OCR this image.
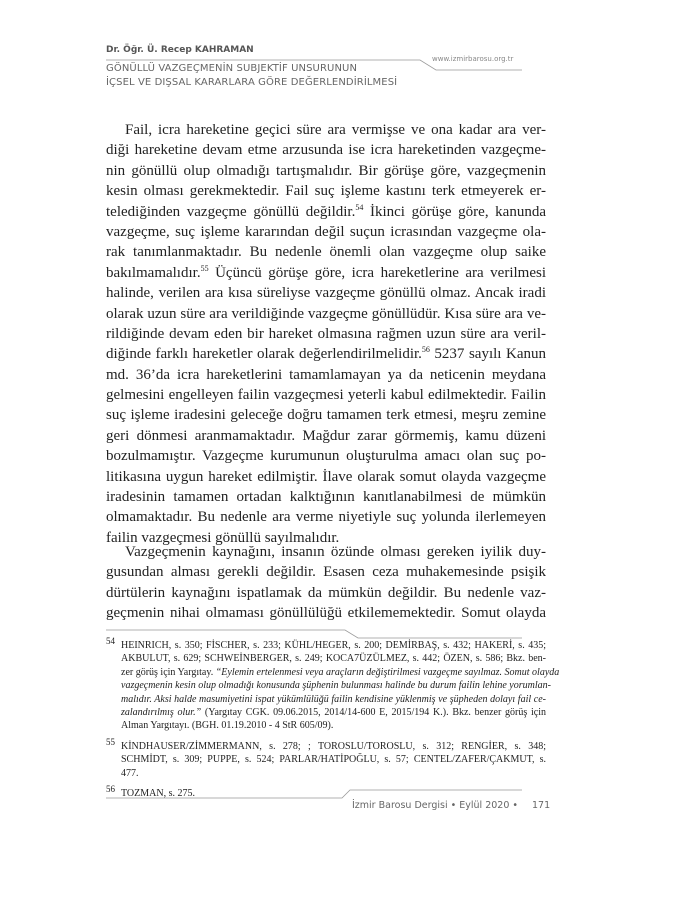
Dr. Öğr. Ü. Recep KAHRAMAN
GÖNÜLLÜ VAZGEÇMENİN SUBJEKTİF UNSURUNUN
İÇSEL VE DIŞSAL KARARLARA GÖRE DEĞERLENDİRİLMESİ
www.izmirbarosu.org.tr
Fail, icra hareketine geçici süre ara vermişse ve ona kadar ara ver-
diği hareketine devam etme arzusunda ise icra hareketinden vazgeçme-
nin gönüllü olup olmadığı tartışmalıdır. Bir görüşe göre, vazgeçmenin
kesin olması gerekmektedir. Fail suç işleme kastını terk etmeyerek er-
telediğinden vazgeçme gönüllü değildir.$^{54}$ İkinci görüşe göre, kanunda
vazgeçme, suç işleme kararından değil suçun icrasından vazgeçme ola-
rak tanımlanmaktadır. Bu nedenle önemli olan vazgeçme olup saike
bakılmamalıdır.$^{55}$ Üçüncü görüşe göre, icra hareketlerine ara verilmesi
halinde, verilen ara kısa süreliyse vazgeçme gönüllü olmaz. Ancak iradi
olarak uzun süre ara verildiğinde vazgeçme gönüllüdür. Kısa süre ara ve-
rildiğinde devam eden bir hareket olmasına rağmen uzun süre ara veril-
diğinde farklı hareketler olarak değerlendirilmelidir.$^{56}$ 5237 sayılı Kanun
md. 36’da icra hareketlerini tamamlamayan ya da neticenin meydana
gelmesini engelleyen failin vazgeçmesi yeterli kabul edilmektedir. Failin
suç işleme iradesini geleceğe doğru tamamen terk etmesi, meşru zemine
geri dönmesi aranmamaktadır. Mağdur zarar görmemiş, kamu düzeni
bozulmamıştır. Vazgeçme kurumunun oluşturulma amacı olan suç po-
litikasına uygun hareket edilmiştir. İlave olarak somut olayda vazgeçme
iradesinin tamamen ortadan kalktığının kanıtlanabilmesi de mümkün
olmamaktadır. Bu nedenle ara verme niyetiyle suç yolunda ilerlemeyen
failin vazgeçmesi gönüllü sayılmalıdır.
Vazgeçmenin kaynağını, insanın özünde olması gereken iyilik duy-
gusundan alması gerekli değildir. Esasen ceza muhakemesinde psişik
dürtülerin kaynağını ispatlamak da mümkün değildir. Bu nedenle vaz-
geçmenin nihai olmaması gönüllülüğü etkilememektedir. Somut olayda
54 HEINRICH, s. 350; FİSCHER, s. 233; KÜHL/HEGER, s. 200; DEMİRBAŞ, s. 432; HAKERİ, s. 435;
AKBULUT, s. 629; SCHWEİNBERGER, s. 249; KOCA7ÜZÜLMEZ, s. 442; ÖZEN, s. 586; Bkz. ben-
zer görüş için Yargıtay. “Eylemin ertelenmesi veya araçların değiştirilmesi vazgeçme sayılmaz. Somut olayda
vazgeçmenin kesin olup olmadığı konusunda şüphenin bulunması halinde bu durum failin lehine yorumlan-
malıdır. Aksi halde masumiyetini ispat yükümlülüğü failin kendisine yüklenmiş ve şüpheden dolayı fail ce-
zalandırılmış olur.” (Yargıtay CGK. 09.06.2015, 2014/14-600 E, 2015/194 K.). Bkz. benzer görüş için
Alman Yargıtayı. (BGH. 01.19.2010 - 4 StR 605/09).
55 KİNDHAUSER/ZİMMERMANN, s. 278; ; TOROSLU/TOROSLU, s. 312; RENGİER, s. 348;
SCHMİDT, s. 309; PUPPE, s. 524; PARLAR/HATİPOĞLU, s. 57; CENTEL/ZAFER/ÇAKMUT, s.
477.
56 TOZMAN, s. 275.
İzmir Barosu Dergisi • Eylül 2020 • 171
